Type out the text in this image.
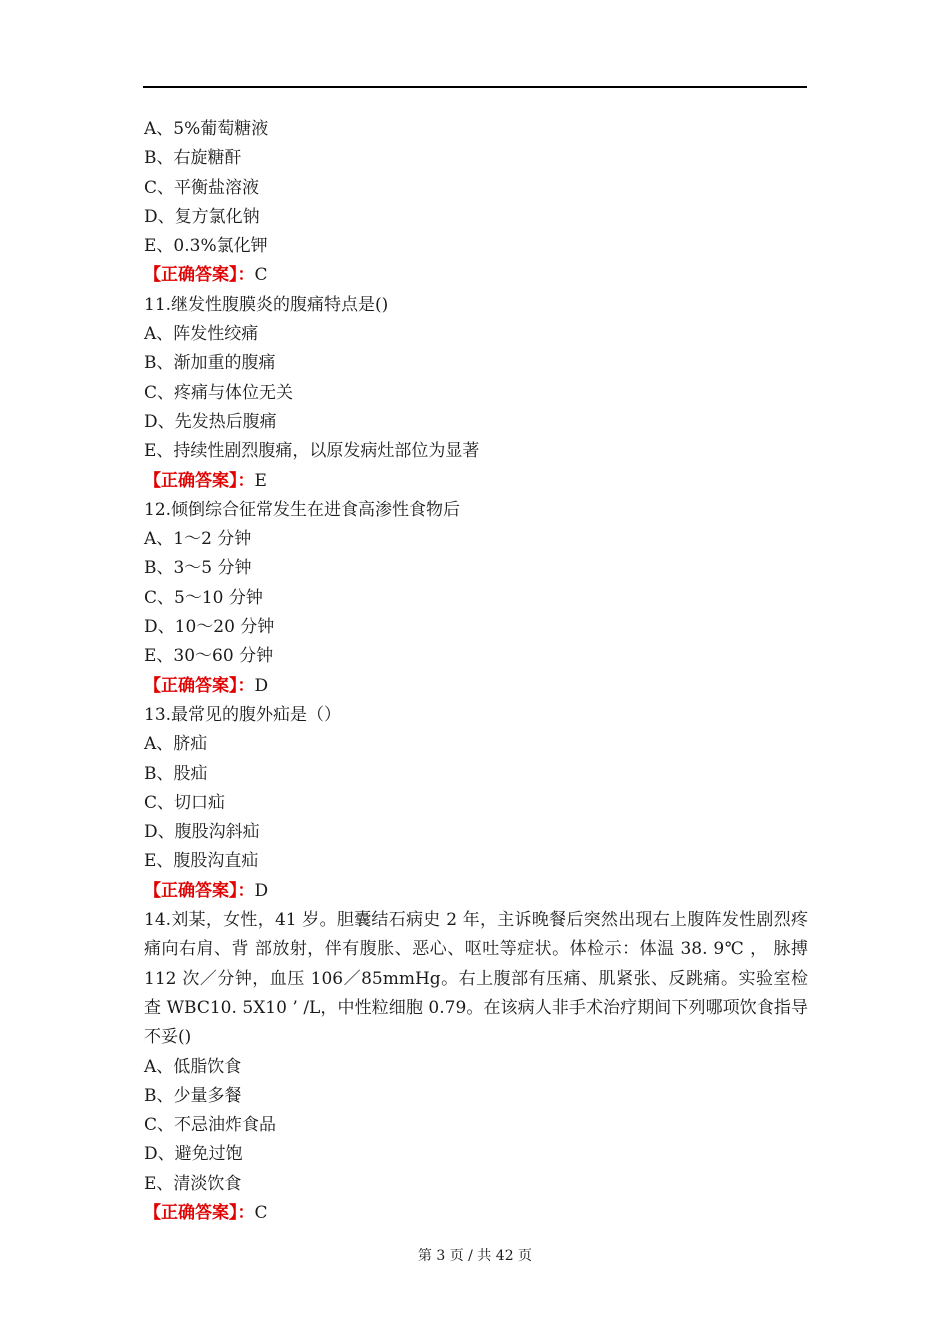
A、5%葡萄糖液
B、右旋糖酐
C、平衡盐溶液
D、复方氯化钠
E、0.3%氯化钾
【正确答案】：C
11.继发性腹膜炎的腹痛特点是()
A、阵发性绞痛
B、渐加重的腹痛
C、疼痛与体位无关
D、先发热后腹痛
E、持续性剧烈腹痛，以原发病灶部位为显著
【正确答案】：E
12.倾倒综合征常发生在进食高渗性食物后
A、1～2 分钟
B、3～5 分钟
C、5～10 分钟
D、10～20 分钟
E、30～60 分钟
【正确答案】：D
13.最常见的腹外疝是（）
A、脐疝
B、股疝
C、切口疝
D、腹股沟斜疝
E、腹股沟直疝
【正确答案】：D
14.刘某，女性，41 岁。胆囊结石病史 2 年，主诉晚餐后突然出现右上腹阵发性剧烈疼痛向右肩、背 部放射，伴有腹胀、恶心、呕吐等症状。体检示：体温 38. 9℃ ， 脉搏 112 次／分钟，血压 106／85mmHg。右上腹部有压痛、肌紧张、反跳痛。实验室检查 WBC10. 5X10 ’ /L，中性粒细胞 0.79。在该病人非手术治疗期间下列哪项饮食指导不妥()
A、低脂饮食
B、少量多餐
C、不忌油炸食品
D、避免过饱
E、清淡饮食
【正确答案】：C
第 3 页 / 共 42 页
